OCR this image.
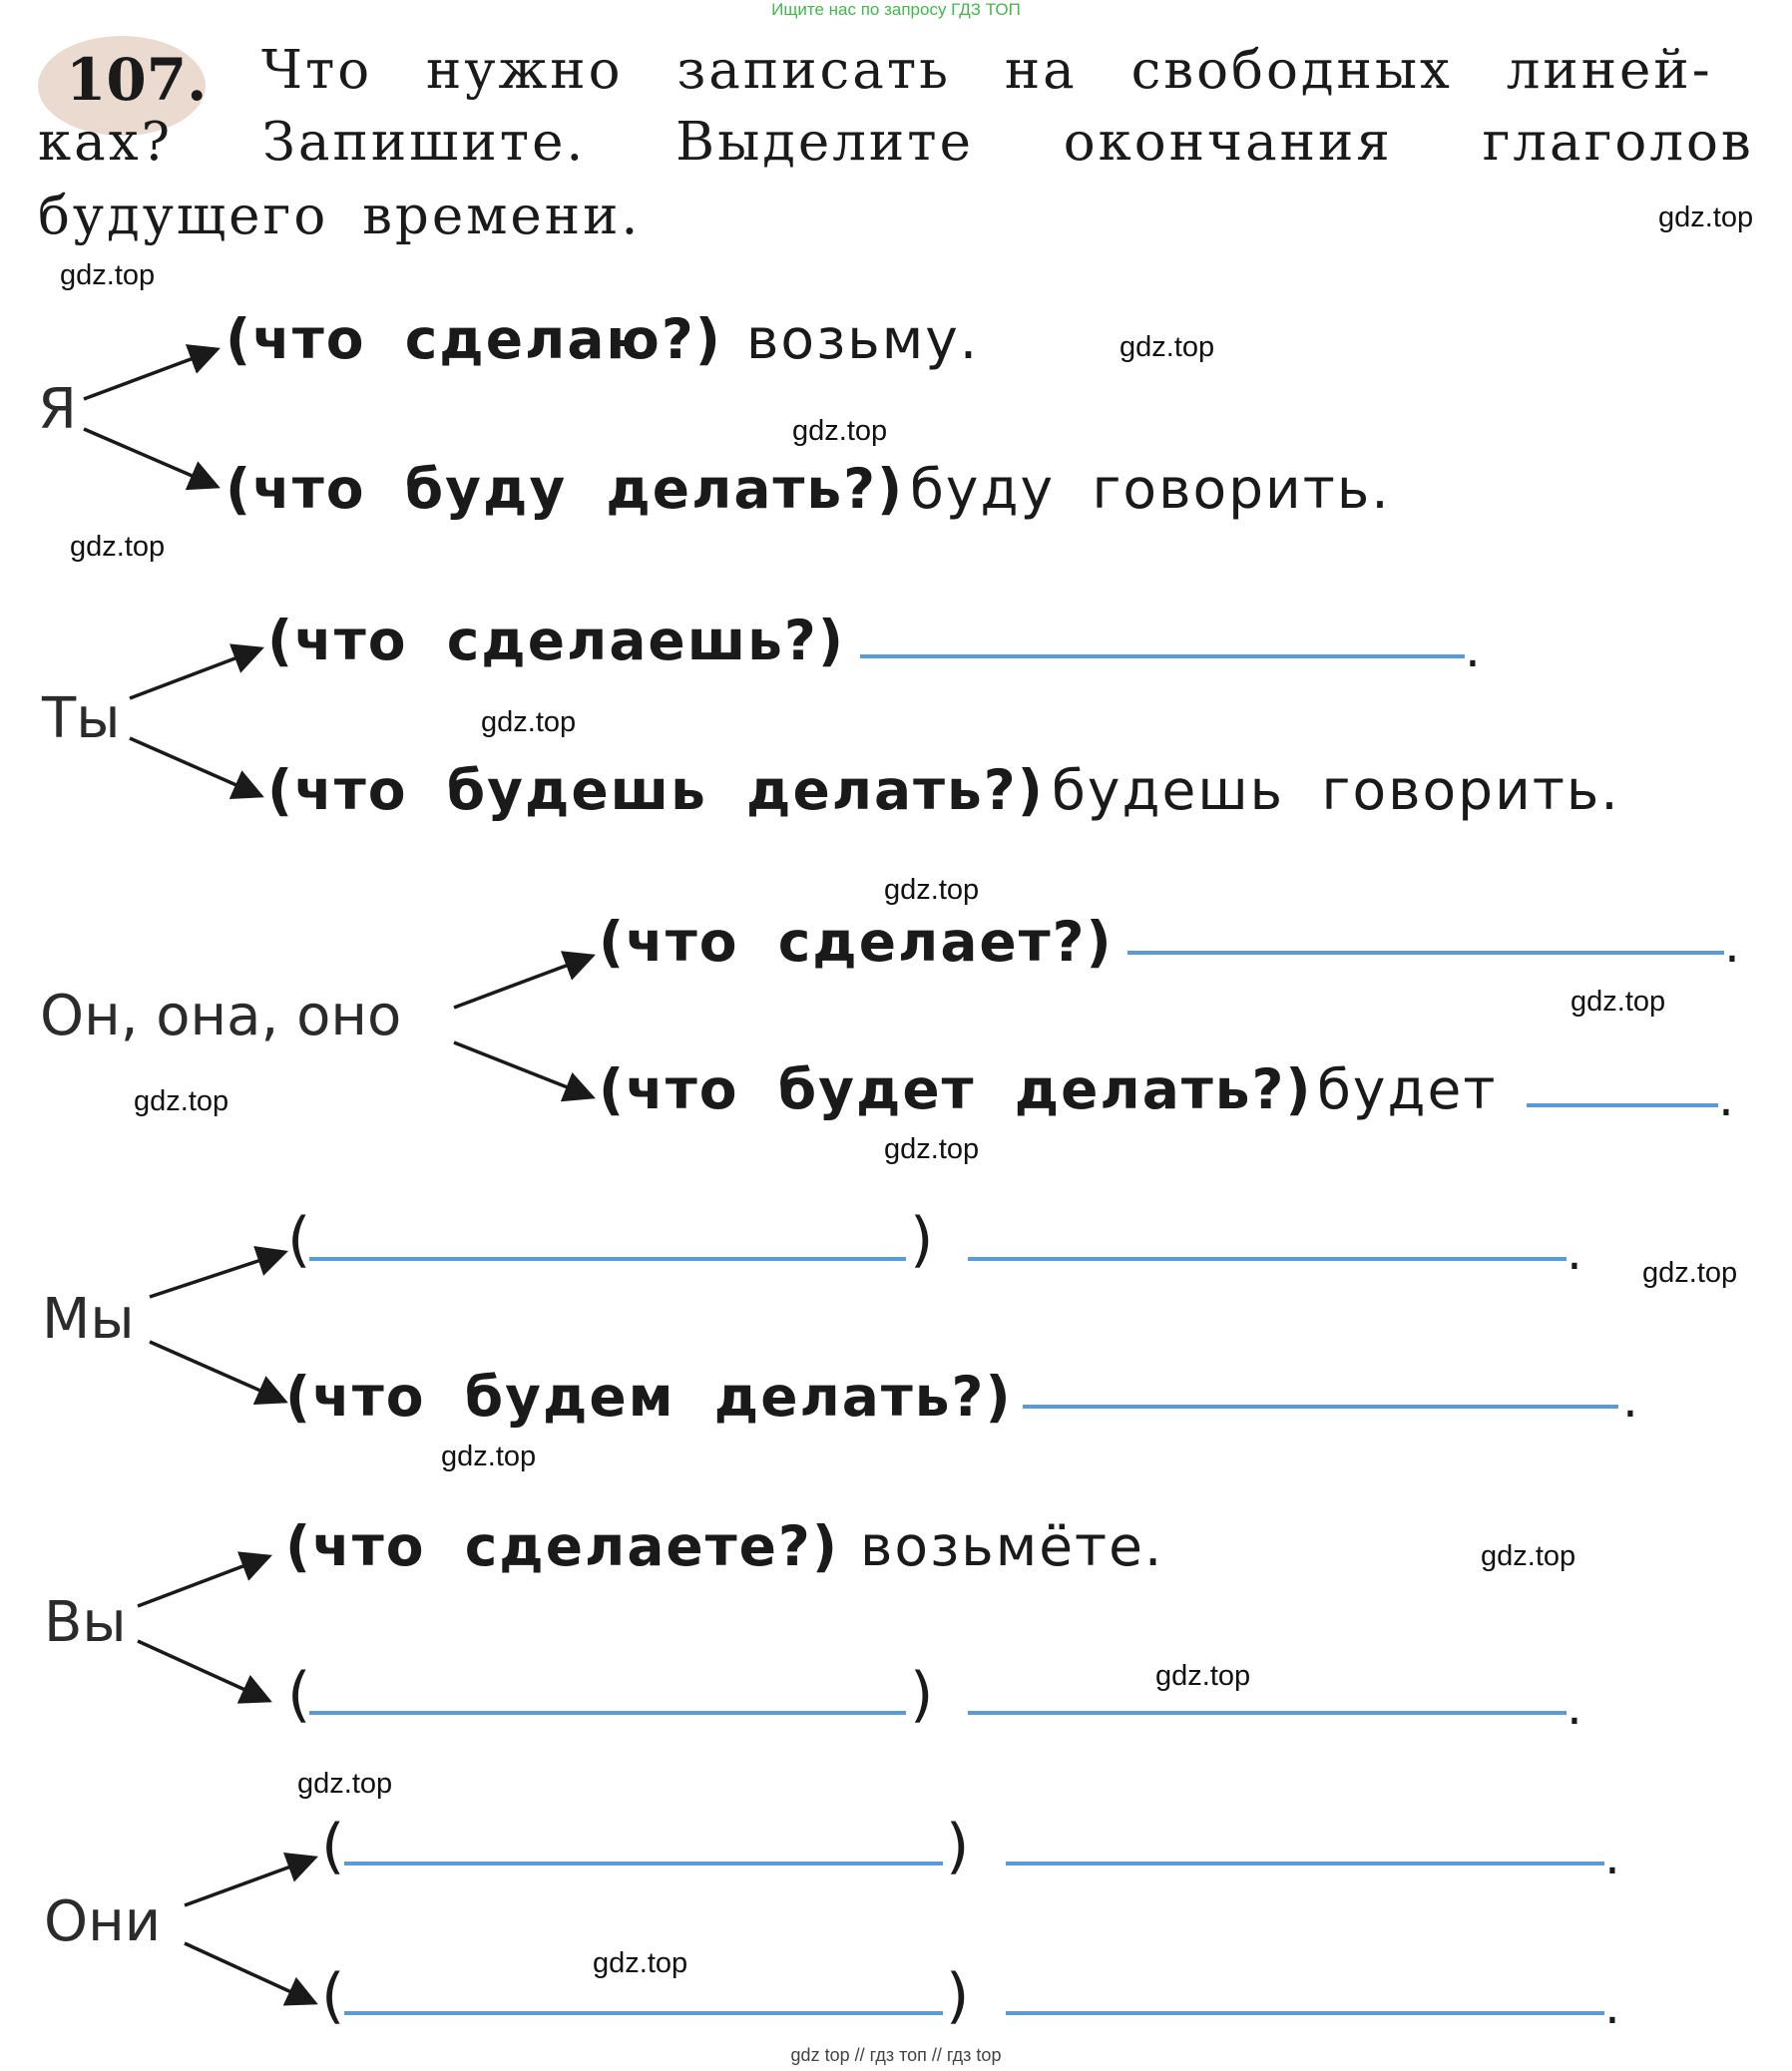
Ищите нас по запросу ГДЗ ТОП
107. Что нужно записать на свободных линей-
ках? Запишите. Выделите окончания глаголов
будущего времени.
Я
(что сделаю?) возьму.
(что буду делать?) буду говорить.
Ты
(что сделаешь?)	.
(что будешь делать?) будешь говорить.
Он, она, оно
(что сделает?)	.
(что будет делать?) будет	.
Мы
(	)	.
(что будем делать?)	.
Вы
(что сделаете?) возьмёте.
(	)	.
Они
(	)	.
(	)	.
gdz.top
gdz.top
gdz.top
gdz.top
gdz.top
gdz.top
gdz.top
gdz.top
gdz.top
gdz.top
gdz.top
gdz.top
gdz.top
gdz.top
gdz.top
gdz.top
gdz top // гдз топ // гдз top
